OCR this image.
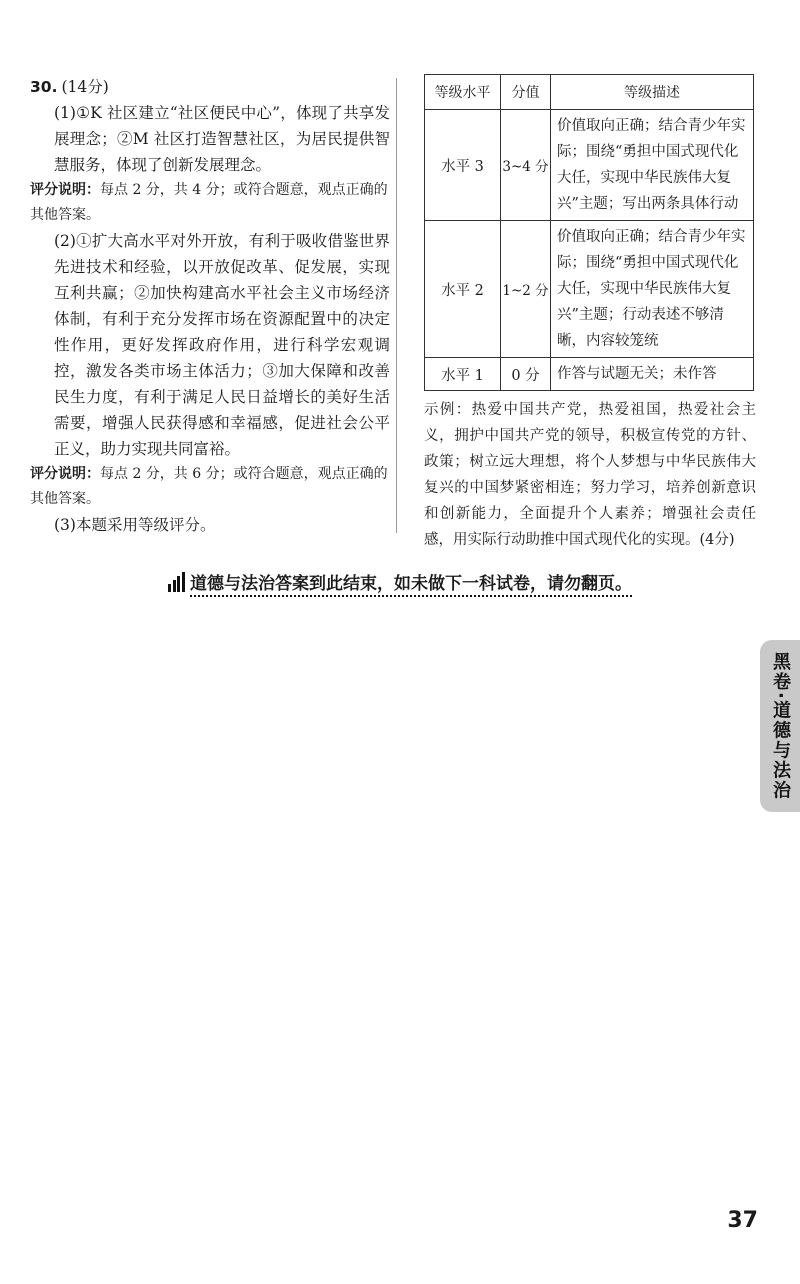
30. (14分)

(1)①K 社区建立“社区便民中心”，体现了共享发展理念；②M 社区打造智慧社区，为居民提供智慧服务，体现了创新发展理念。

评分说明：每点 2 分，共 4 分；或符合题意，观点正确的其他答案。

(2)①扩大高水平对外开放，有利于吸收借鉴世界先进技术和经验，以开放促改革、促发展，实现互利共赢；②加快构建高水平社会主义市场经济体制，有利于充分发挥市场在资源配置中的决定性作用，更好发挥政府作用，进行科学宏观调控，激发各类市场主体活力；③加大保障和改善民生力度，有利于满足人民日益增长的美好生活需要，增强人民获得感和幸福感，促进社会公平正义，助力实现共同富裕。

评分说明：每点 2 分，共 6 分；或符合题意，观点正确的其他答案。

(3)本题采用等级评分。

等级水平	分值	等级描述
水平 3	3~4 分	价值取向正确；结合青少年实际；围绕“勇担中国式现代化大任，实现中华民族伟大复兴”主题；写出两条具体行动
水平 2	1~2 分	价值取向正确；结合青少年实际；围绕“勇担中国式现代化大任，实现中华民族伟大复兴”主题；行动表述不够清晰，内容较笼统
水平 1	0 分	作答与试题无关；未作答

示例：热爱中国共产党，热爱祖国，热爱社会主义，拥护中国共产党的领导，积极宣传党的方针、政策；树立远大理想，将个人梦想与中华民族伟大复兴的中国梦紧密相连；努力学习，培养创新意识和创新能力，全面提升个人素养；增强社会责任感，用实际行动助推中国式现代化的实现。(4分)

道德与法治答案到此结束，如未做下一科试卷，请勿翻页。
黑卷·道德与法治
37
